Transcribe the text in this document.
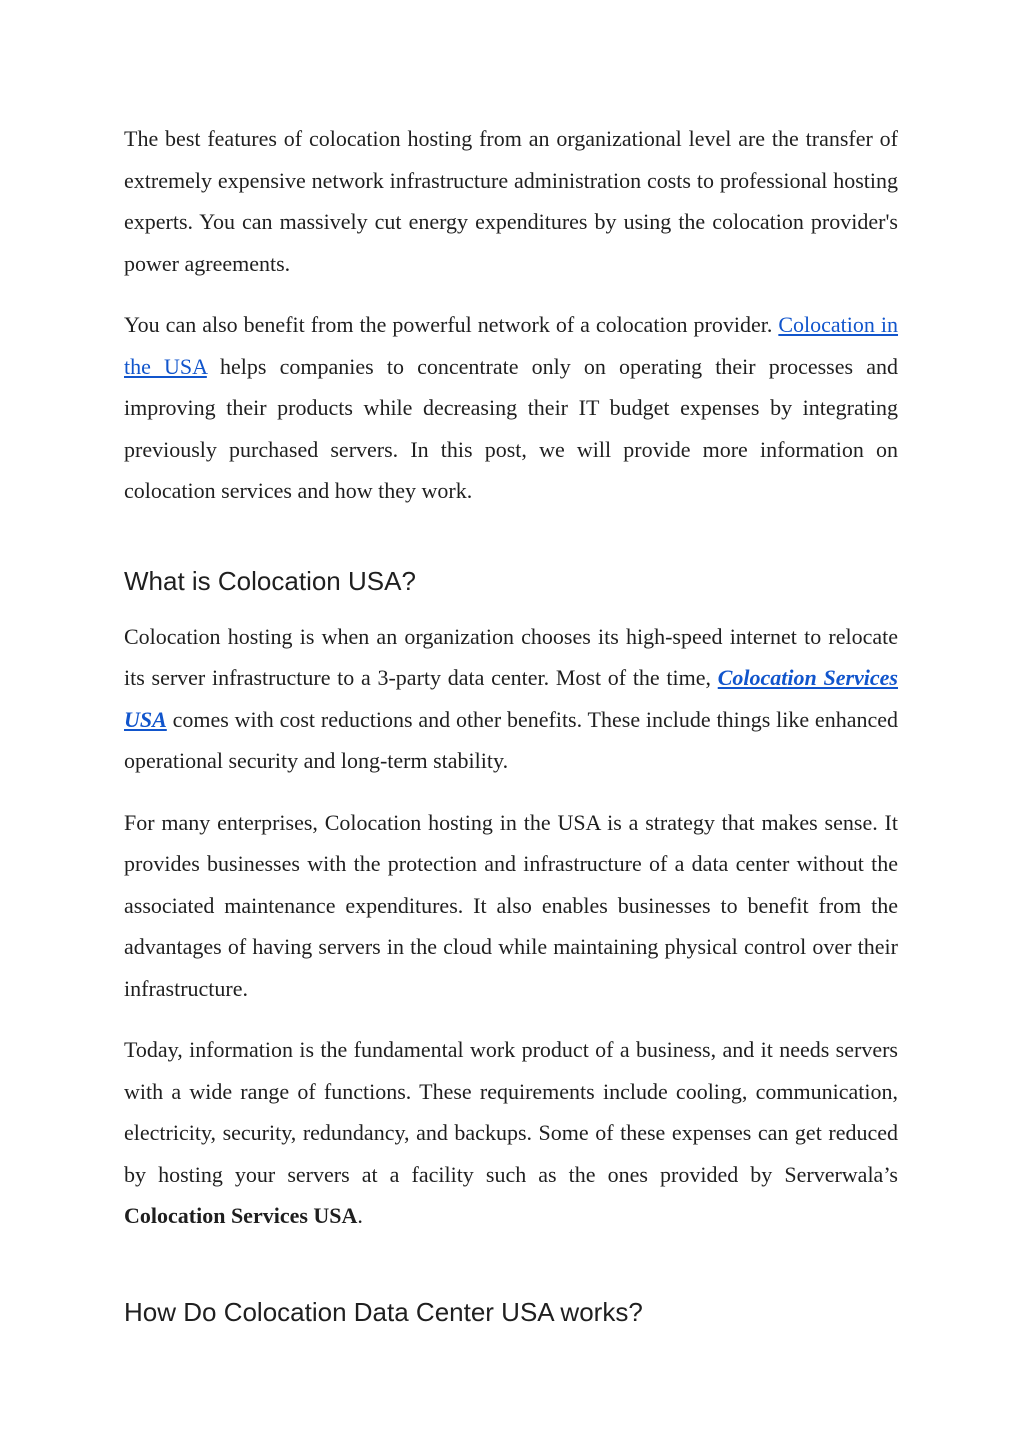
The best features of colocation hosting from an organizational level are the transfer of extremely expensive network infrastructure administration costs to professional hosting experts. You can massively cut energy expenditures by using the colocation provider's power agreements.

You can also benefit from the powerful network of a colocation provider. Colocation in the USA helps companies to concentrate only on operating their processes and improving their products while decreasing their IT budget expenses by integrating previously purchased servers. In this post, we will provide more information on colocation services and how they work.

What is Colocation USA?

Colocation hosting is when an organization chooses its high-speed internet to relocate its server infrastructure to a 3-party data center. Most of the time, Colocation Services USA comes with cost reductions and other benefits. These include things like enhanced operational security and long-term stability.

For many enterprises, Colocation hosting in the USA is a strategy that makes sense. It provides businesses with the protection and infrastructure of a data center without the associated maintenance expenditures. It also enables businesses to benefit from the advantages of having servers in the cloud while maintaining physical control over their infrastructure.

Today, information is the fundamental work product of a business, and it needs servers with a wide range of functions. These requirements include cooling, communication, electricity, security, redundancy, and backups. Some of these expenses can get reduced by hosting your servers at a facility such as the ones provided by Serverwala’s Colocation Services USA.

How Do Colocation Data Center USA works?
